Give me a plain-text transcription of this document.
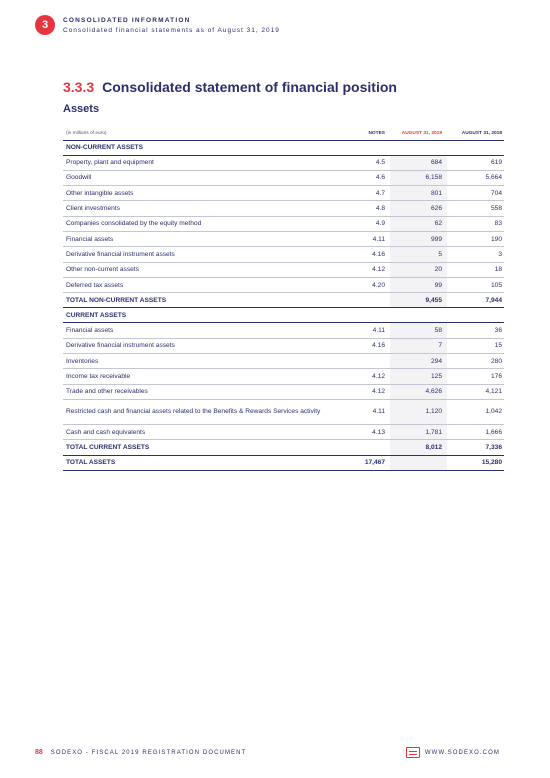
3	CONSOLIDATED INFORMATION
Consolidated financial statements as of August 31, 2019
3.3.3 Consolidated statement of financial position
Assets
(in millions of euro)	NOTES	AUGUST 31, 2019	AUGUST 31, 2018
NON-CURRENT ASSETS			
Property, plant and equipment	4.5	684	619
Goodwill	4.6	6,158	5,664
Other intangible assets	4.7	801	704
Client investments	4.8	626	558
Companies consolidated by the equity method	4.9	62	83
Financial assets	4.11	999	190
Derivative financial instrument assets	4.16	5	3
Other non-current assets	4.12	20	18
Deferred tax assets	4.20	99	105
TOTAL NON-CURRENT ASSETS		9,455	7,944
CURRENT ASSETS			
Financial assets	4.11	58	36
Derivative financial instrument assets	4.16	7	15
Inventories		294	280
Income tax receivable	4.12	125	176
Trade and other receivables	4.12	4,626	4,121
Restricted cash and financial assets related to the Benefits & Rewards Services activity	4.11	1,120	1,042
Cash and cash equivalents	4.13	1,781	1,666
TOTAL CURRENT ASSETS		8,012	7,336
TOTAL ASSETS	17,467		15,280
88 SODEXO - FISCAL 2019 REGISTRATION DOCUMENT	WWW.SODEXO.COM
